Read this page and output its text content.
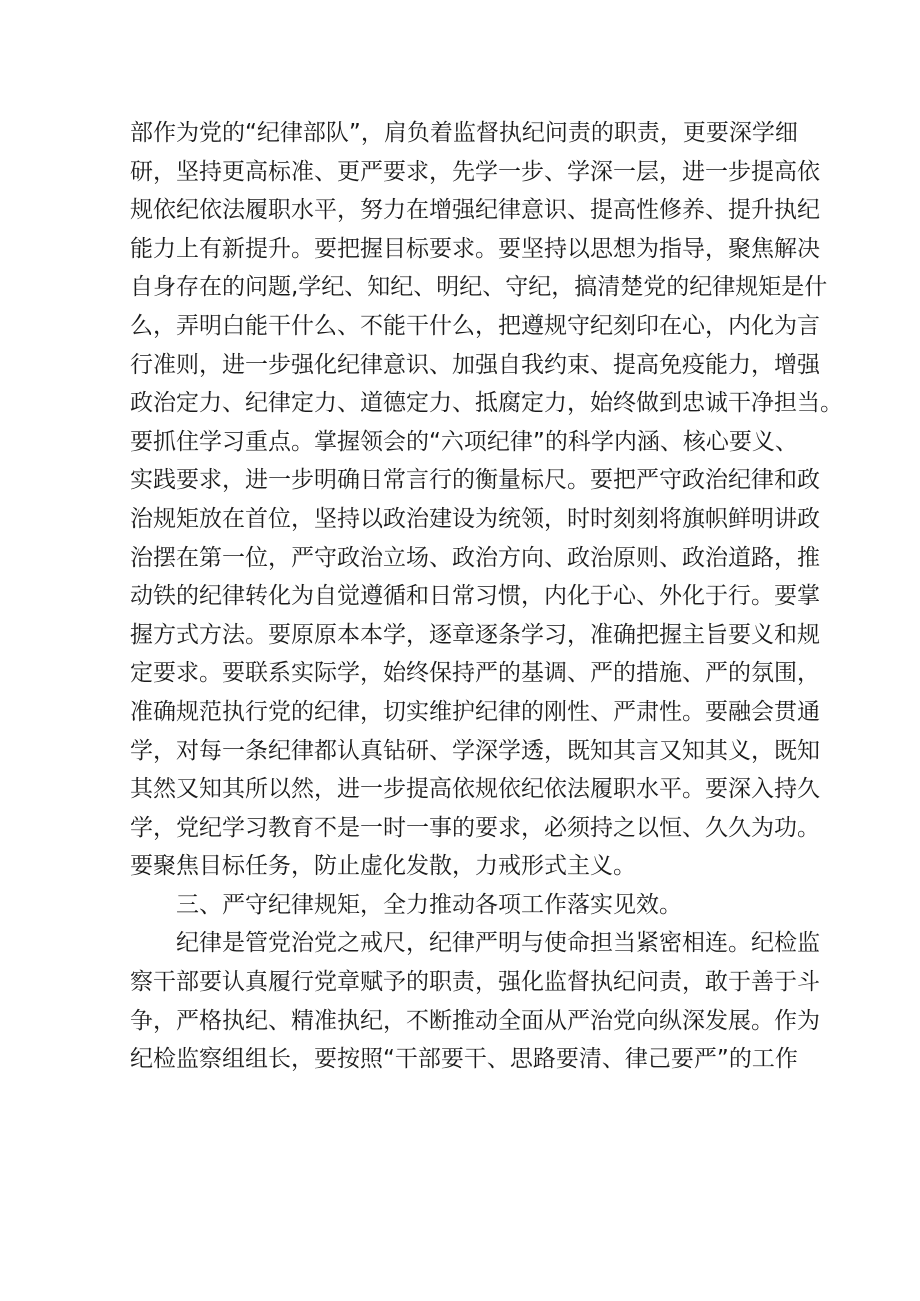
部作为党的“纪律部队”，肩负着监督执纪问责的职责，更要深学细
研，坚持更高标准、更严要求，先学一步、学深一层，进一步提高依
规依纪依法履职水平，努力在增强纪律意识、提高性修养、提升执纪
能力上有新提升。要把握目标要求。要坚持以思想为指导，聚焦解决
自身存在的问题,学纪、知纪、明纪、守纪，搞清楚党的纪律规矩是什
么，弄明白能干什么、不能干什么，把遵规守纪刻印在心，内化为言
行准则，进一步强化纪律意识、加强自我约束、提高免疫能力，增强
政治定力、纪律定力、道德定力、抵腐定力，始终做到忠诚干净担当。
要抓住学习重点。掌握领会的“六项纪律”的科学内涵、核心要义、
实践要求，进一步明确日常言行的衡量标尺。要把严守政治纪律和政
治规矩放在首位，坚持以政治建设为统领，时时刻刻将旗帜鲜明讲政
治摆在第一位，严守政治立场、政治方向、政治原则、政治道路，推
动铁的纪律转化为自觉遵循和日常习惯，内化于心、外化于行。要掌
握方式方法。要原原本本学，逐章逐条学习，准确把握主旨要义和规
定要求。要联系实际学，始终保持严的基调、严的措施、严的氛围，
准确规范执行党的纪律，切实维护纪律的刚性、严肃性。要融会贯通
学，对每一条纪律都认真钻研、学深学透，既知其言又知其义，既知
其然又知其所以然，进一步提高依规依纪依法履职水平。要深入持久
学，党纪学习教育不是一时一事的要求，必须持之以恒、久久为功。
要聚焦目标任务，防止虚化发散，力戒形式主义。
三、严守纪律规矩，全力推动各项工作落实见效。
纪律是管党治党之戒尺，纪律严明与使命担当紧密相连。纪检监
察干部要认真履行党章赋予的职责，强化监督执纪问责，敢于善于斗
争，严格执纪、精准执纪，不断推动全面从严治党向纵深发展。作为
纪检监察组组长，要按照“干部要干、思路要清、律己要严”的工作
